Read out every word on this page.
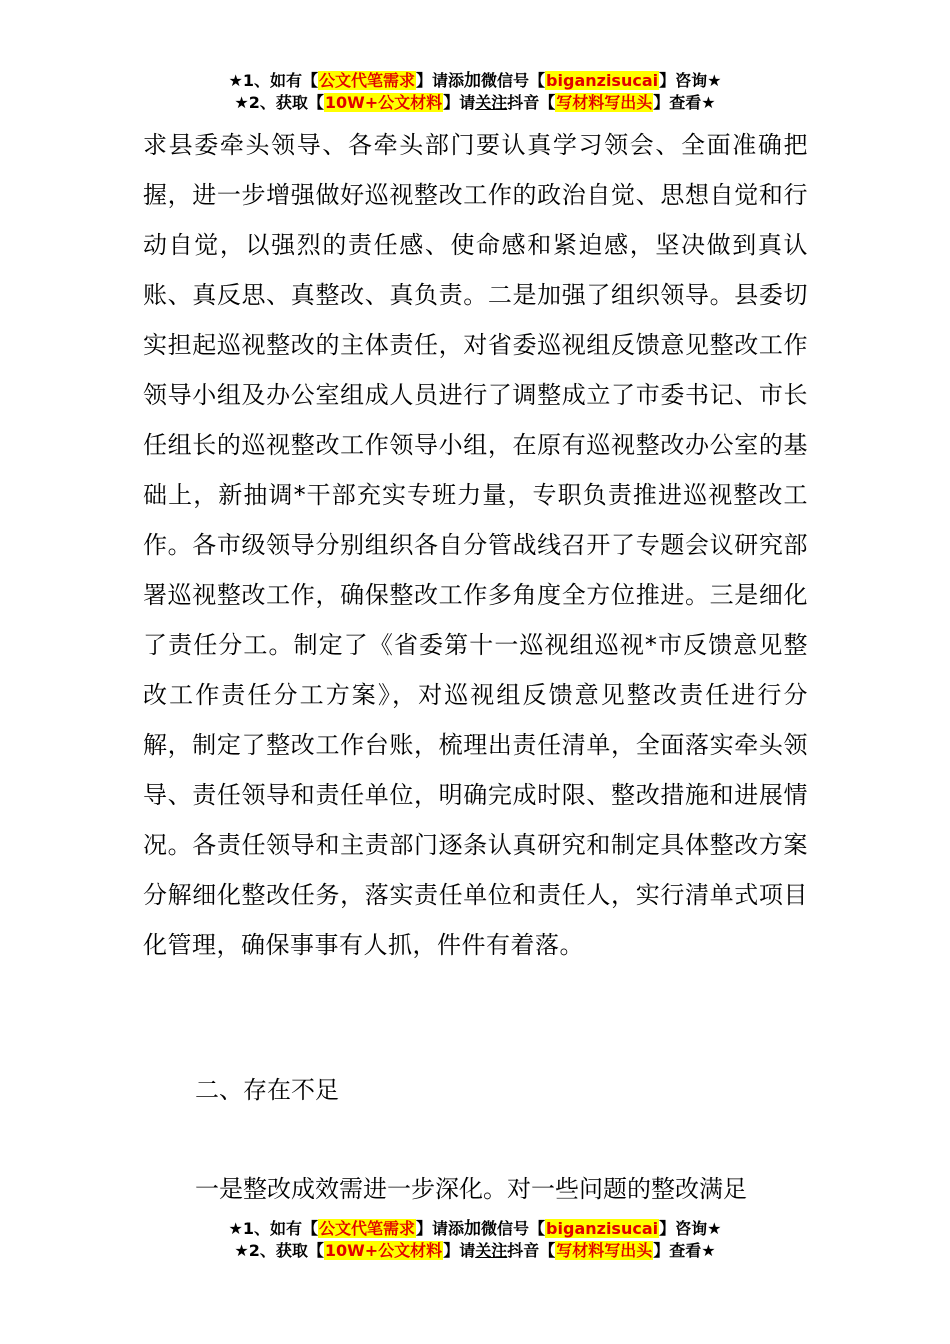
★1、如有【公文代笔需求】请添加微信号【biganzisucai】咨询★
★2、获取【10W+公文材料】请关注抖音【写材料写出头】查看★

求县委牵头领导、各牵头部门要认真学习领会、全面准确把握，进一步增强做好巡视整改工作的政治自觉、思想自觉和行动自觉，以强烈的责任感、使命感和紧迫感，坚决做到真认账、真反思、真整改、真负责。二是加强了组织领导。县委切实担起巡视整改的主体责任，对省委巡视组反馈意见整改工作领导小组及办公室组成人员进行了调整成立了市委书记、市长任组长的巡视整改工作领导小组，在原有巡视整改办公室的基础上，新抽调*干部充实专班力量，专职负责推进巡视整改工作。各市级领导分别组织各自分管战线召开了专题会议研究部署巡视整改工作，确保整改工作多角度全方位推进。三是细化了责任分工。制定了《省委第十一巡视组巡视*市反馈意见整改工作责任分工方案》，对巡视组反馈意见整改责任进行分解，制定了整改工作台账，梳理出责任清单，全面落实牵头领导、责任领导和责任单位，明确完成时限、整改措施和进展情况。各责任领导和主责部门逐条认真研究和制定具体整改方案分解细化整改任务，落实责任单位和责任人，实行清单式项目化管理，确保事事有人抓，件件有着落。

二、存在不足
一是整改成效需进一步深化。对一些问题的整改满足
★1、如有【公文代笔需求】请添加微信号【biganzisucai】咨询★
★2、获取【10W+公文材料】请关注抖音【写材料写出头】查看★
